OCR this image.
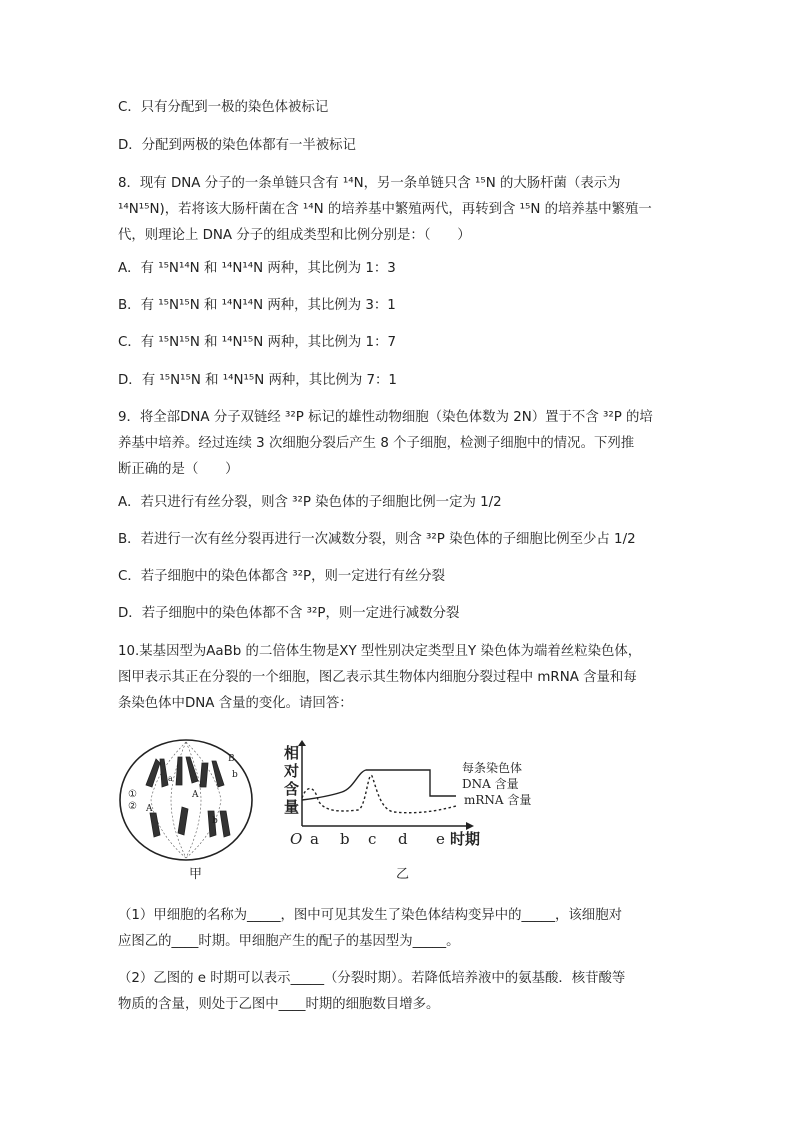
C．只有分配到一极的染色体被标记
D．分配到两极的染色体都有一半被标记
8．现有 DNA 分子的一条单链只含有 ¹⁴N，另一条单链只含 ¹⁵N 的大肠杆菌（表示为
¹⁴N¹⁵N)，若将该大肠杆菌在含 ¹⁴N 的培养基中繁殖两代，再转到含 ¹⁵N 的培养基中繁殖一
代，则理论上 DNA 分子的组成类型和比例分别是：（　　）
A．有 ¹⁵N¹⁴N 和 ¹⁴N¹⁴N 两种，其比例为 1：3
B．有 ¹⁵N¹⁵N 和 ¹⁴N¹⁴N 两种，其比例为 3：1
C．有 ¹⁵N¹⁵N 和 ¹⁴N¹⁵N 两种，其比例为 1：7
D．有 ¹⁵N¹⁵N 和 ¹⁴N¹⁵N 两种，其比例为 7：1
9．将全部DNA 分子双链经 ³²P 标记的雄性动物细胞（染色体数为 2N）置于不含 ³²P 的培
养基中培养。经过连续 3 次细胞分裂后产生 8 个子细胞，检测子细胞中的情况。下列推
断正确的是（　　）
A．若只进行有丝分裂，则含 ³²P 染色体的子细胞比例一定为 1/2
B．若进行一次有丝分裂再进行一次减数分裂，则含 ³²P 染色体的子细胞比例至少占 1/2
C．若子细胞中的染色体都含 ³²P，则一定进行有丝分裂
D．若子细胞中的染色体都不含 ³²P，则一定进行减数分裂
10.某基因型为AaBb 的二倍体生物是XY 型性别决定类型且Y 染色体为端着丝粒染色体，
图甲表示其正在分裂的一个细胞，图乙表示其生物体内细胞分裂过程中 mRNA 含量和每
条染色体中DNA 含量的变化。请回答：
a
A
A
B
b
b
①
②
甲
相
对
含
量
O a b c d e 时期
每条染色体
DNA 含量
mRNA 含量
乙
（1）甲细胞的名称为_____，图中可见其发生了染色体结构变异中的_____，该细胞对
应图乙的____时期。甲细胞产生的配子的基因型为_____。
（2）乙图的 e 时期可以表示_____（分裂时期）。若降低培养液中的氨基酸．核苷酸等
物质的含量，则处于乙图中____时期的细胞数目增多。
